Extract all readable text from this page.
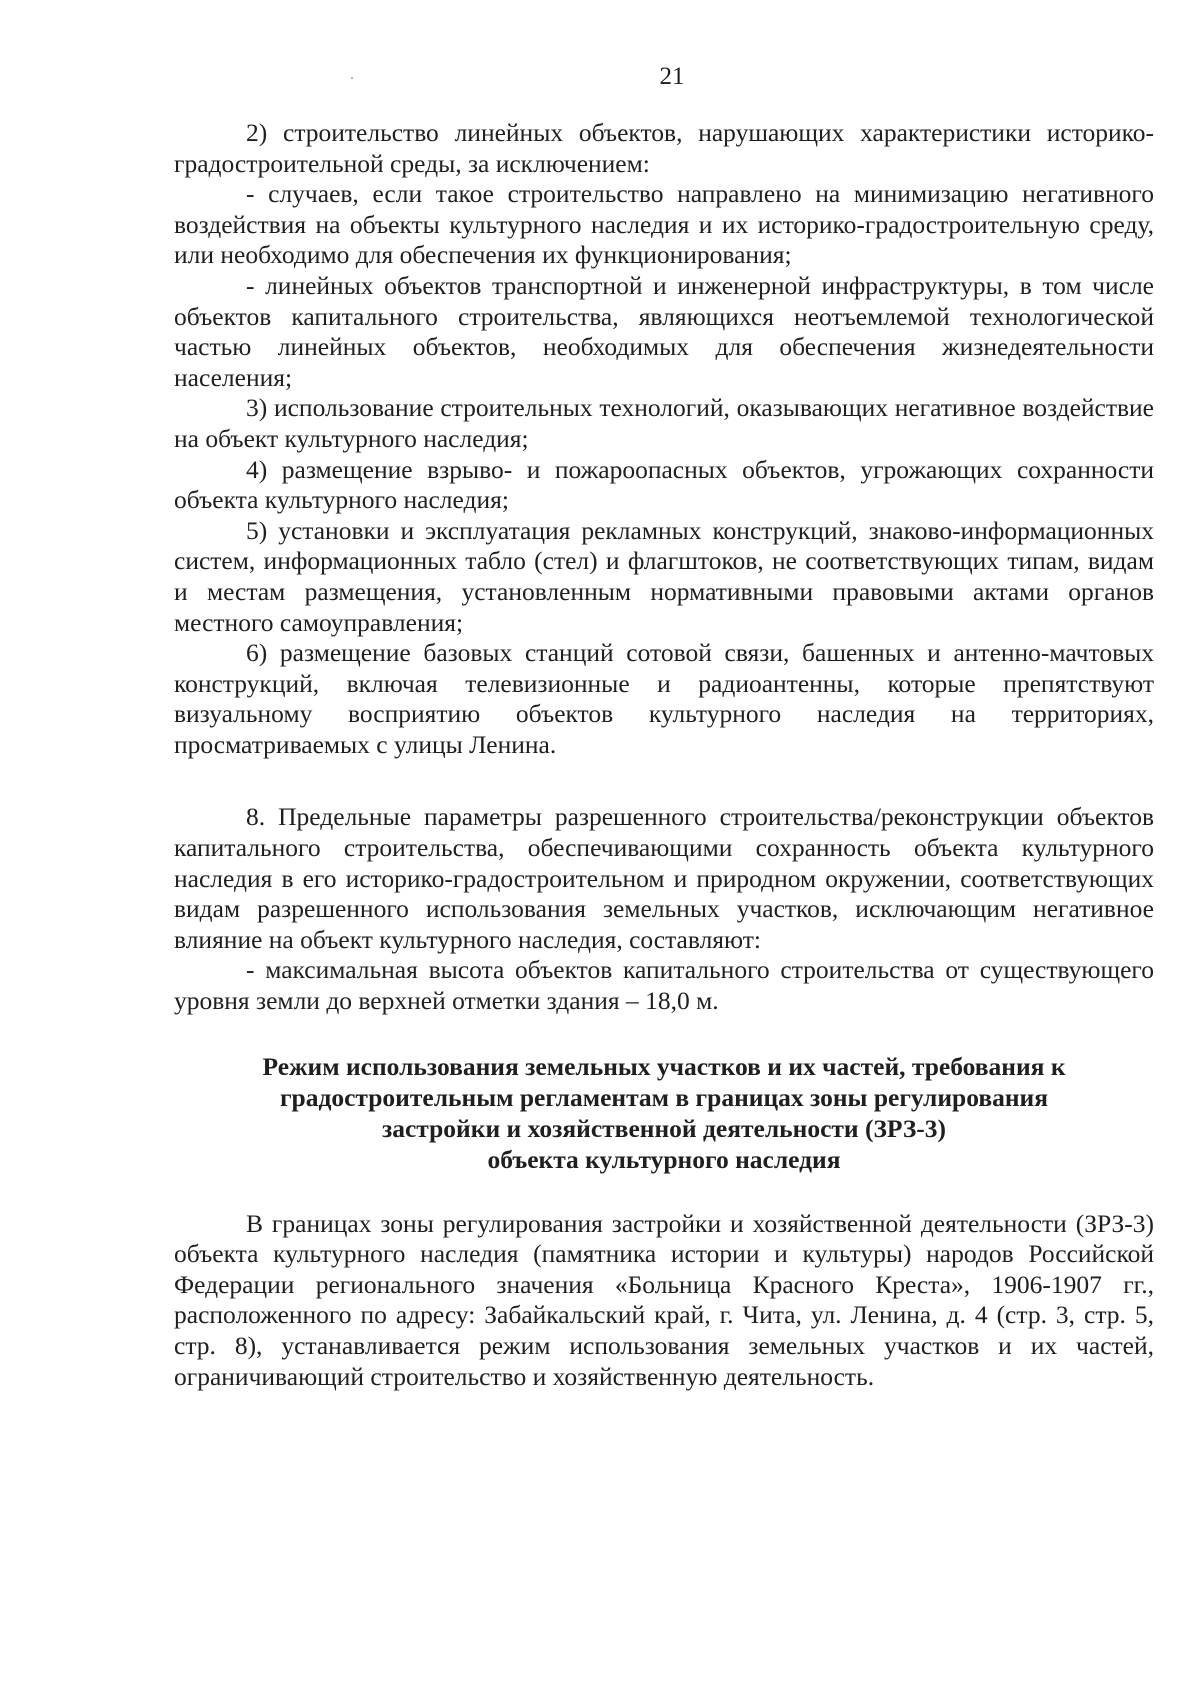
21

2) строительство линейных объектов, нарушающих характеристики историко-градостроительной среды, за исключением:

- случаев, если такое строительство направлено на минимизацию негативного воздействия на объекты культурного наследия и их историко-градостроительную среду, или необходимо для обеспечения их функционирования;

- линейных объектов транспортной и инженерной инфраструктуры, в том числе объектов капитального строительства, являющихся неотъемлемой технологической частью линейных объектов, необходимых для обеспечения жизнедеятельности населения;

3) использование строительных технологий, оказывающих негативное воздействие на объект культурного наследия;

4) размещение взрыво- и пожароопасных объектов, угрожающих сохранности объекта культурного наследия;

5) установки и эксплуатация рекламных конструкций, знаково-информационных систем, информационных табло (стел) и флагштоков, не соответствующих типам, видам и местам размещения, установленным нормативными правовыми актами органов местного самоуправления;

6) размещение базовых станций сотовой связи, башенных и антенно-мачтовых конструкций, включая телевизионные и радиоантенны, которые препятствуют визуальному восприятию объектов культурного наследия на территориях, просматриваемых с улицы Ленина.

8. Предельные параметры разрешенного строительства/реконструкции объектов капитального строительства, обеспечивающими сохранность объекта культурного наследия в его историко-градостроительном и природном окружении, соответствующих видам разрешенного использования земельных участков, исключающим негативное влияние на объект культурного наследия, составляют:

- максимальная высота объектов капитального строительства от существующего уровня земли до верхней отметки здания – 18,0 м.

Режим использования земельных участков и их частей, требования к
градостроительным регламентам в границах зоны регулирования
застройки и хозяйственной деятельности (ЗРЗ-3)
объекта культурного наследия

В границах зоны регулирования застройки и хозяйственной деятельности (ЗРЗ-3) объекта культурного наследия (памятника истории и культуры) народов Российской Федерации регионального значения «Больница Красного Креста», 1906-1907 гг., расположенного по адресу: Забайкальский край, г. Чита, ул. Ленина, д. 4 (стр. 3, стр. 5, стр. 8), устанавливается режим использования земельных участков и их частей, ограничивающий строительство и хозяйственную деятельность.
